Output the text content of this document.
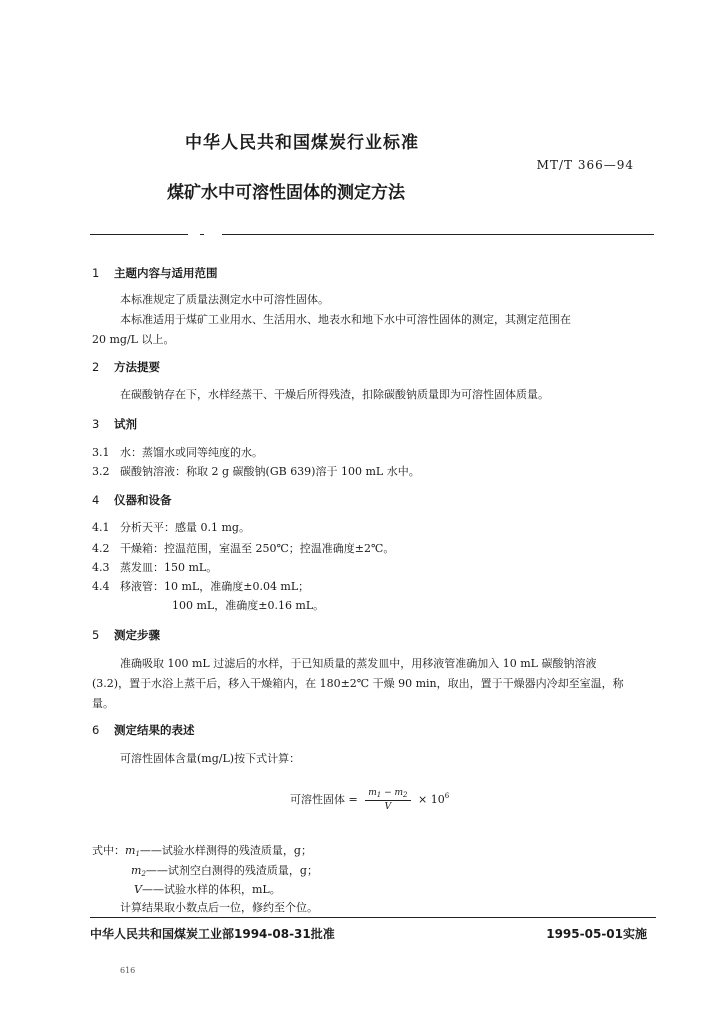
中华人民共和国煤炭行业标准
MT/T 366—94
煤矿水中可溶性固体的测定方法
1 主题内容与适用范围
本标准规定了质量法测定水中可溶性固体。
本标准适用于煤矿工业用水、生活用水、地表水和地下水中可溶性固体的测定，其测定范围在
20 mg/L 以上。
2 方法提要
在碳酸钠存在下，水样经蒸干、干燥后所得残渣，扣除碳酸钠质量即为可溶性固体质量。
3 试剂
3.1 水：蒸馏水或同等纯度的水。
3.2 碳酸钠溶液：称取 2 g 碳酸钠(GB 639)溶于 100 mL 水中。
4 仪器和设备
4.1 分析天平：感量 0.1 mg。
4.2 干燥箱：控温范围，室温至 250℃；控温准确度±2℃。
4.3 蒸发皿：150 mL。
4.4 移液管：10 mL，准确度±0.04 mL；
100 mL，准确度±0.16 mL。
5 测定步骤
准确吸取 100 mL 过滤后的水样，于已知质量的蒸发皿中，用移液管准确加入 10 mL 碳酸钠溶液
(3.2)，置于水浴上蒸干后，移入干燥箱内，在 180±2℃ 干燥 90 min，取出，置于干燥器内冷却至室温，称
量。
6 测定结果的表述
可溶性固体含量(mg/L)按下式计算：
可溶性固体 = $\frac{m_1 - m_2}{V} \times 10^6$
式中：$m_1——$试验水样测得的残渣质量，g；
$m_2——$试剂空白测得的残渣质量，g；
V——试验水样的体积，mL。
计算结果取小数点后一位，修约至个位。
中华人民共和国煤炭工业部1994-08-31批准	1995-05-01实施
616
